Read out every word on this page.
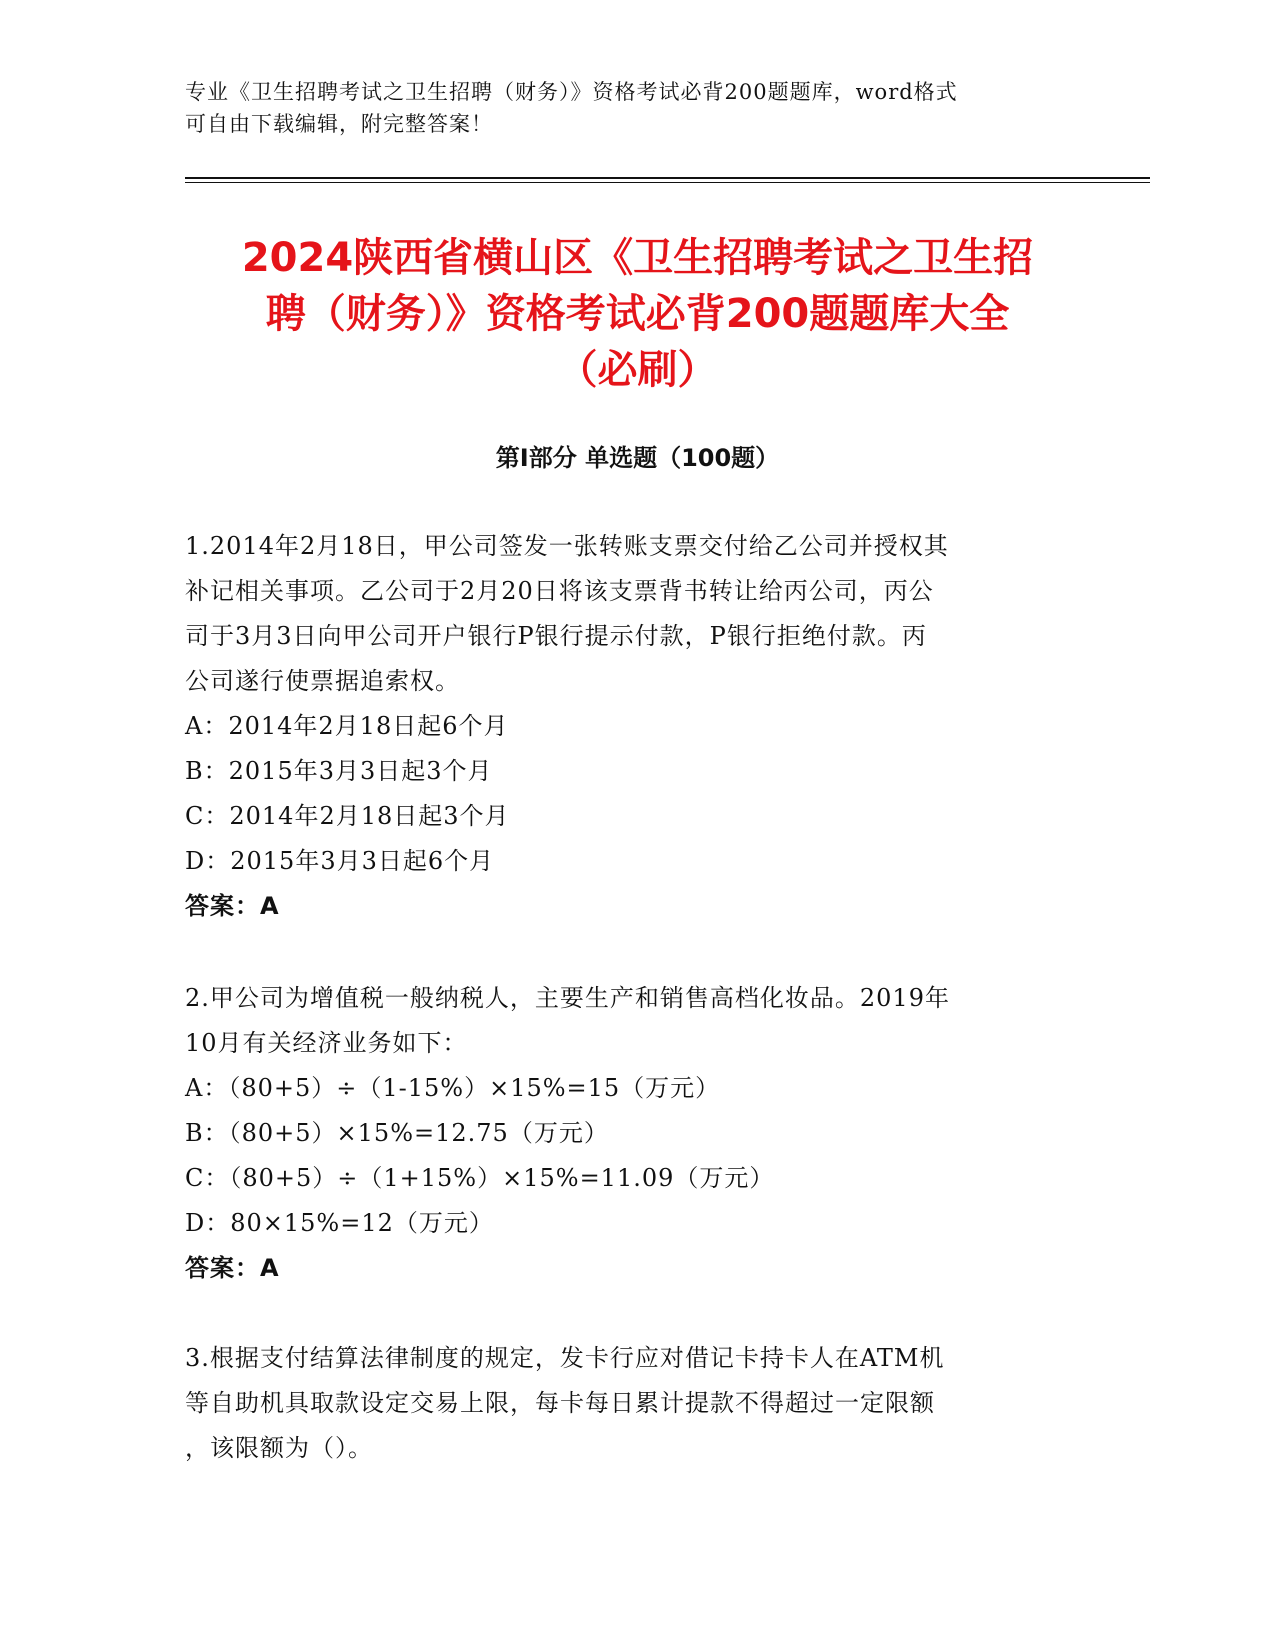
专业《卫生招聘考试之卫生招聘（财务）》资格考试必背200题题库，word格式

可自由下载编辑，附完整答案！

2024陕西省横山区《卫生招聘考试之卫生招

聘（财务）》资格考试必背200题题库大全

（必刷）

第Ⅰ部分 单选题（100题）

1.2014年2月18日，甲公司签发一张转账支票交付给乙公司并授权其

补记相关事项。乙公司于2月20日将该支票背书转让给丙公司，丙公

司于3月3日向甲公司开户银行P银行提示付款，P银行拒绝付款。丙

公司遂行使票据追索权。

A：2014年2月18日起6个月

B：2015年3月3日起3个月

C：2014年2月18日起3个月

D：2015年3月3日起6个月

答案：A

2.甲公司为增值税一般纳税人，主要生产和销售高档化妆品。2019年

10月有关经济业务如下：

A：（80+5）÷（1-15%）×15%=15（万元）

B：（80+5）×15%=12.75（万元）

C：（80+5）÷（1+15%）×15%=11.09（万元）

D：80×15%=12（万元）

答案：A

3.根据支付结算法律制度的规定，发卡行应对借记卡持卡人在ATM机

等自助机具取款设定交易上限，每卡每日累计提款不得超过一定限额

，该限额为（）。
